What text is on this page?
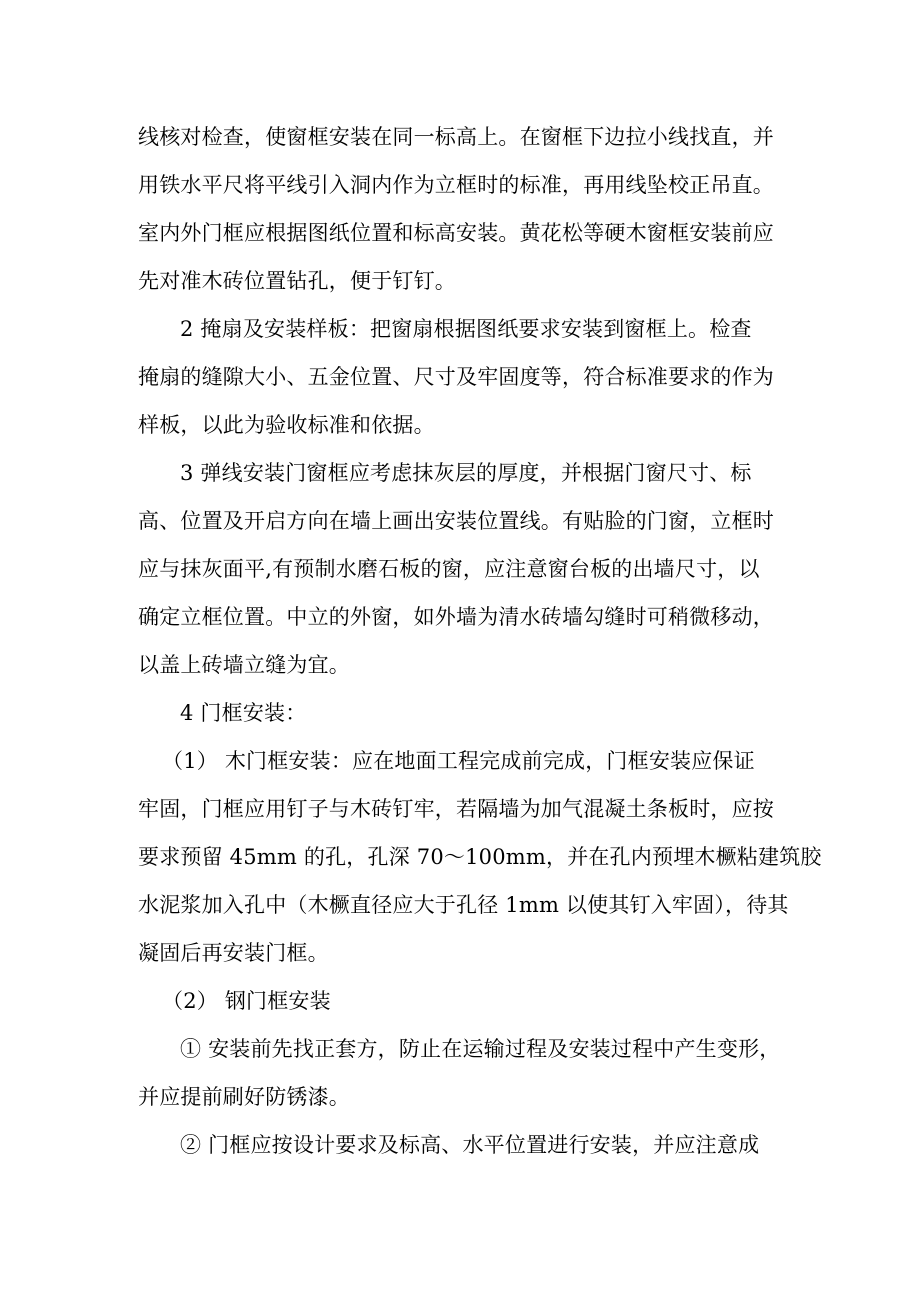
线核对检查，使窗框安装在同一标高上。在窗框下边拉小线找直，并
用铁水平尺将平线引入洞内作为立框时的标准，再用线坠校正吊直。
室内外门框应根据图纸位置和标高安装。黄花松等硬木窗框安装前应
先对准木砖位置钻孔，便于钉钉。
2 掩扇及安装样板：把窗扇根据图纸要求安装到窗框上。检查
掩扇的缝隙大小、五金位置、尺寸及牢固度等，符合标准要求的作为
样板，以此为验收标准和依据。
3 弹线安装门窗框应考虑抹灰层的厚度，并根据门窗尺寸、标
高、位置及开启方向在墙上画出安装位置线。有贴脸的门窗，立框时
应与抹灰面平,有预制水磨石板的窗，应注意窗台板的出墙尺寸，以
确定立框位置。中立的外窗，如外墙为清水砖墙勾缝时可稍微移动，
以盖上砖墙立缝为宜。
4 门框安装：
（1） 木门框安装：应在地面工程完成前完成，门框安装应保证
牢固，门框应用钉子与木砖钉牢，若隔墙为加气混凝土条板时，应按
要求预留 45mm 的孔，孔深 70～100mm，并在孔内预埋木橛粘建筑胶
水泥浆加入孔中（木橛直径应大于孔径 1mm 以使其钉入牢固），待其
凝固后再安装门框。
（2） 钢门框安装
① 安装前先找正套方，防止在运输过程及安装过程中产生变形，
并应提前刷好防锈漆。
② 门框应按设计要求及标高、水平位置进行安装，并应注意成
